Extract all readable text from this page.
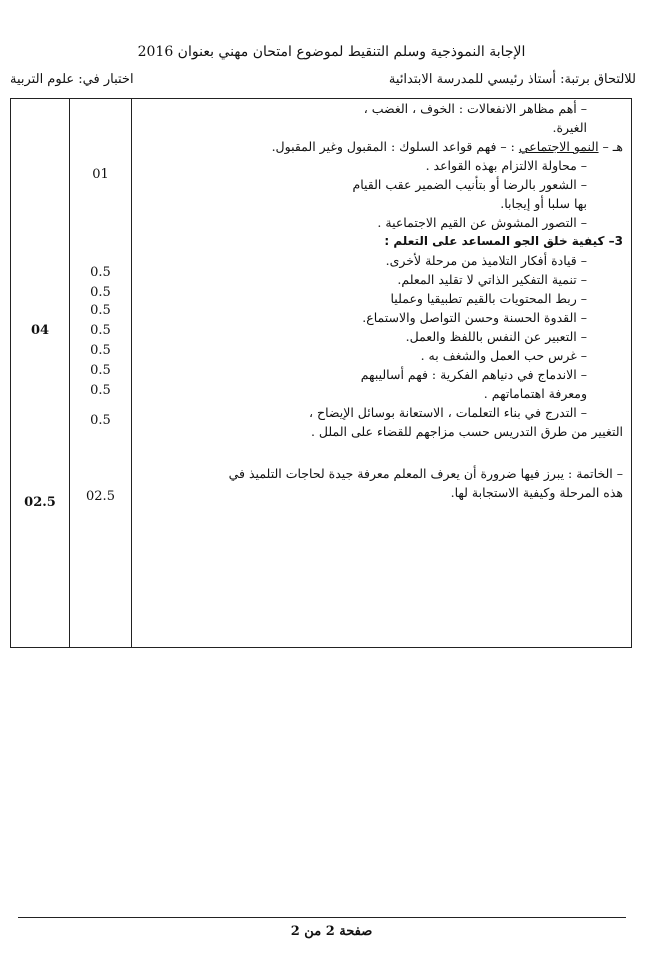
الإجابة النموذجية وسلم التنقيط لموضوع امتحان مهني بعنوان 2016
للالتحاق برتبة: أستاذ رئيسي للمدرسة الابتدائية
اختبار في: علوم التربية
– أهم مظاهر الانفعالات : الخوف ، الغضب ،
الغيرة.
هـ – النمو الاجتماعي : – فهم قواعد السلوك : المقبول وغير المقبول.
– محاولة الالتزام بهذه القواعد .
– الشعور بالرضا أو بتأنيب الضمير عقب القيام
بها سلبا أو إيجابا.
– التصور المشوش عن القيم الاجتماعية .
3– كيفية خلق الجو المساعد على التعلم :
– قيادة أفكار التلاميذ من مرحلة لأخرى.
– تنمية التفكير الذاتي لا تقليد المعلم.
– ربط المحتويات بالقيم تطبيقيا وعمليا
– القدوة الحسنة وحسن التواصل والاستماع.
– التعبير عن النفس باللفظ والعمل.
– غرس حب العمل والشغف به .
– الاندماج في دنياهم الفكرية : فهم أساليبهم
ومعرفة اهتماماتهم .
– التدرج في بناء التعلمات ، الاستعانة بوسائل الإيضاح ،
التغيير من طرق التدريس حسب مزاجهم للقضاء على الملل .
– الخاتمة : يبرز فيها ضرورة أن يعرف المعلم معرفة جيدة لحاجات التلميذ في
هذه المرحلة وكيفية الاستجابة لها.
01
0.5
0.5
0.5
0.5
0.5
0.5
0.5
0.5
02.5
04
02.5
صفحة 2 من 2
